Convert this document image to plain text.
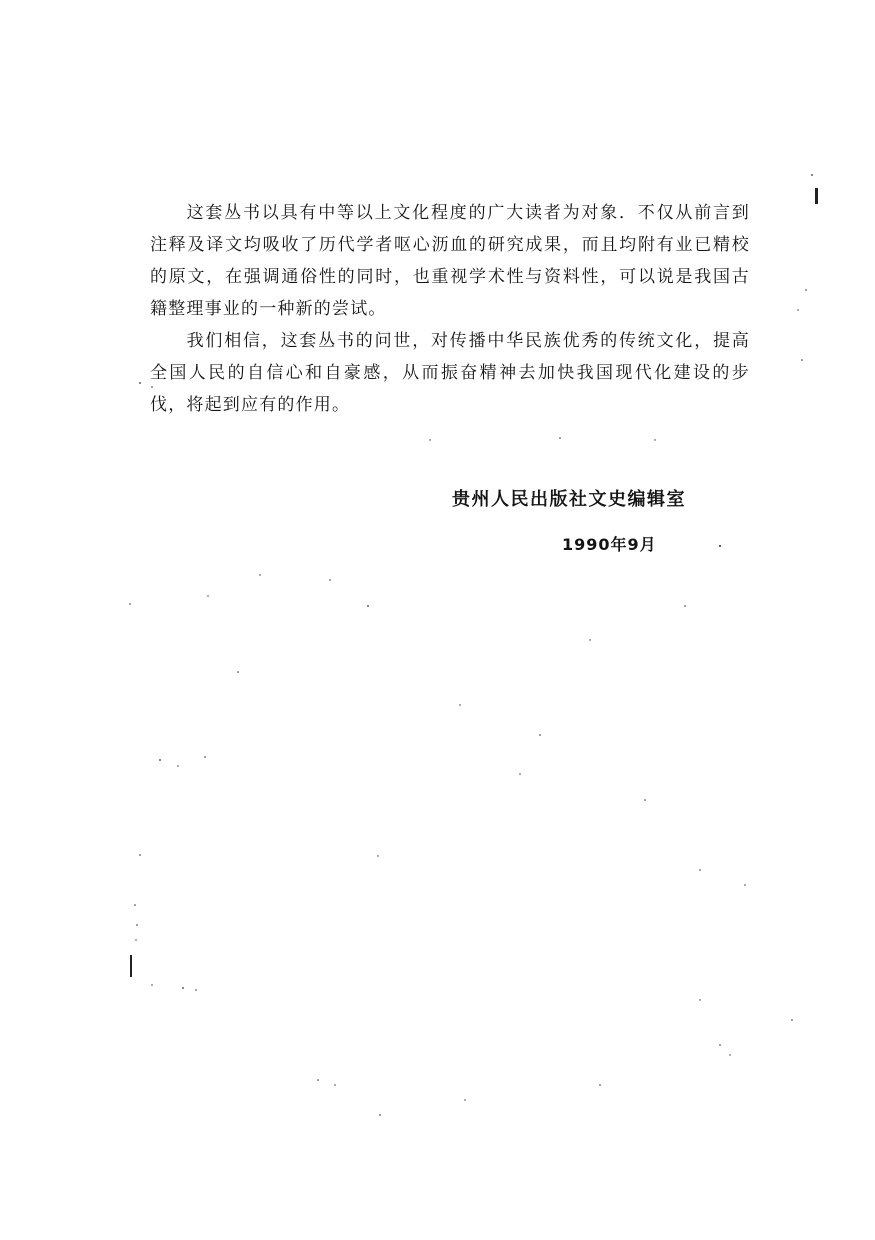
这套丛书以具有中等以上文化程度的广大读者为对象．不仅从前言到注释及译文均吸收了历代学者呕心沥血的研究成果，而且均附有业已精校的原文，在强调通俗性的同时，也重视学术性与资料性，可以说是我国古籍整理事业的一种新的尝试。

我们相信，这套丛书的问世，对传播中华民族优秀的传统文化，提高全国人民的自信心和自豪感，从而振奋精神去加快我国现代化建设的步伐，将起到应有的作用。

贵州人民出版社文史编辑室

1990年9月
